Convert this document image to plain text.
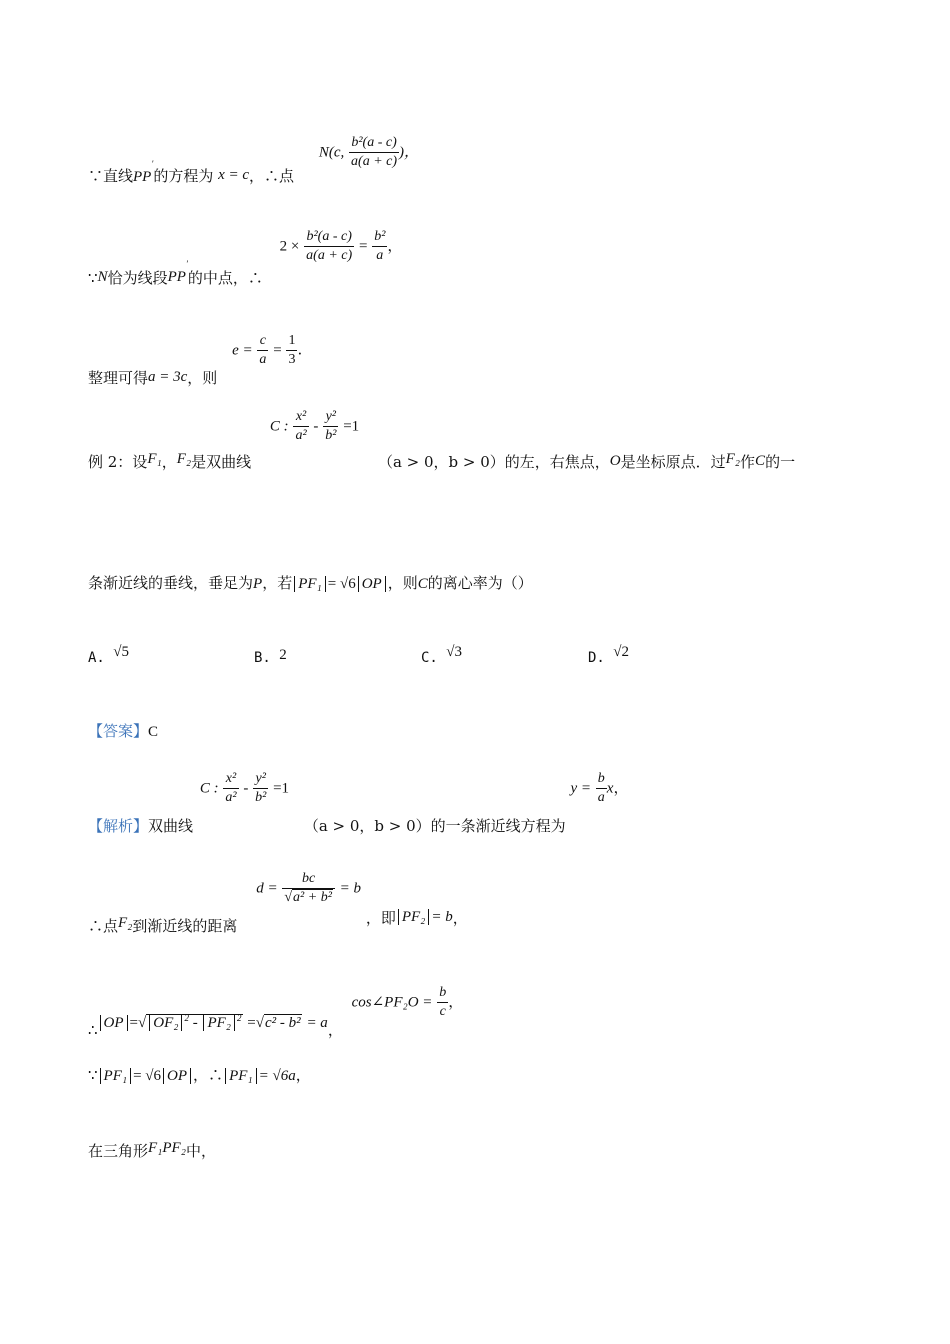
∵直线PP′的方程为 x = c，∴点 N(c, $\frac{\text{b²(a - c)}}{a(a + c)}$ )，
∵N恰为线段PP′的中点，∴ $2 \times \frac{\text{b²(a - c)}}{a(a + c)} = \frac{\text{b²}}{a}$ ，
整理可得a = 3c，则 $e = \frac{c}{a} = \frac{1}{3}$ .
例 2：设F₁，F₂是双曲线 C : $\frac{\text{x²}}{\text{a²}} - \frac{\text{y²}}{\text{b²}} =1$ （a > 0，b > 0）的左，右焦点，O是坐标原点．过F₂作C的一
条渐近线的垂线，垂足为P，若 PF₁ = √6 OP ，则C的离心率为（）
A. √5	B. 2	C. √3	D. √2
【答案】C
【解析】双曲线 C : $\frac{\text{x²}}{\text{a²}} - \frac{\text{y²}}{\text{b²}} =1$ （a > 0，b > 0）的一条渐近线方程为 $y = \frac{b}{a}$ x，
∴点F₂到渐近线的距离 $d = \frac{bc}{\text{√a² + b²}} = b$ ，即 PF₂ = b，
∴ OP =√ OF₂ $^2$ - PF₂ $^2$ =√c² - b² = a， cos∠PF₂O = $\frac{b}{c}$ ，
∵ PF₁ = √6 OP ，∴ PF₁ = √6a，
在三角形F₁PF₂中，
